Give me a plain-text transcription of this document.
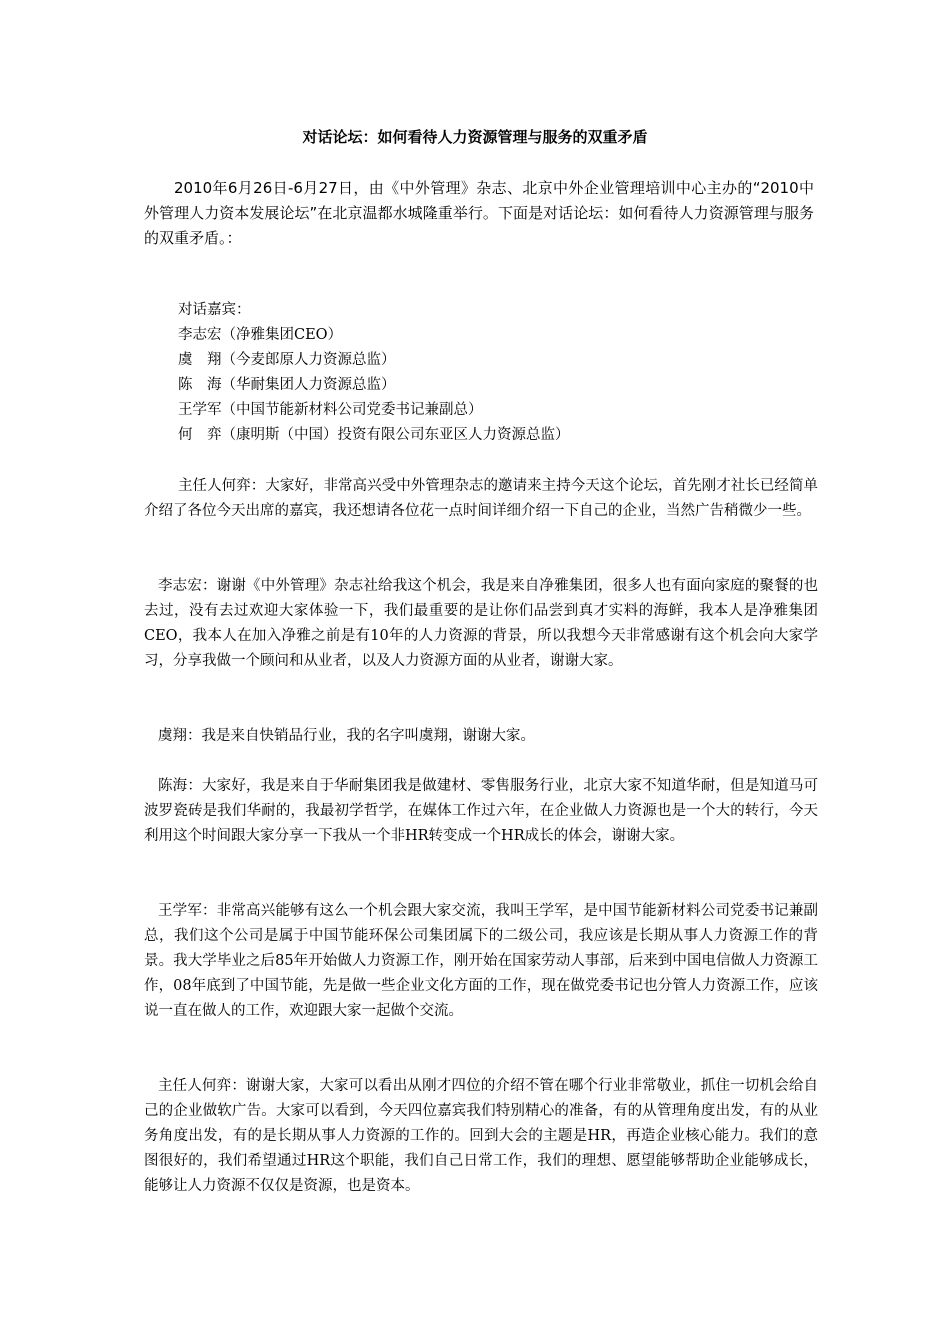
对话论坛：如何看待人力资源管理与服务的双重矛盾
2010年6月26日-6月27日，由《中外管理》杂志、北京中外企业管理培训中心主办的“2010中外管理人力资本发展论坛”在北京温都水城隆重举行。下面是对话论坛：如何看待人力资源管理与服务的双重矛盾。：
对话嘉宾：
李志宏（净雅集团CEO）
虞　翔（今麦郎原人力资源总监）
陈　海（华耐集团人力资源总监）
王学军（中国节能新材料公司党委书记兼副总）
何　弈（康明斯（中国）投资有限公司东亚区人力资源总监）

主任人何弈：大家好，非常高兴受中外管理杂志的邀请来主持今天这个论坛，首先刚才社长已经简单介绍了各位今天出席的嘉宾，我还想请各位花一点时间详细介绍一下自己的企业，当然广告稍微少一些。

李志宏：谢谢《中外管理》杂志社给我这个机会，我是来自净雅集团，很多人也有面向家庭的聚餐的也去过，没有去过欢迎大家体验一下，我们最重要的是让你们品尝到真才实料的海鲜，我本人是净雅集团CEO，我本人在加入净雅之前是有10年的人力资源的背景，所以我想今天非常感谢有这个机会向大家学习，分享我做一个顾问和从业者，以及人力资源方面的从业者，谢谢大家。

虞翔：我是来自快销品行业，我的名字叫虞翔，谢谢大家。

陈海：大家好，我是来自于华耐集团我是做建材、零售服务行业，北京大家不知道华耐，但是知道马可波罗瓷砖是我们华耐的，我最初学哲学，在媒体工作过六年，在企业做人力资源也是一个大的转行，今天利用这个时间跟大家分享一下我从一个非HR转变成一个HR成长的体会，谢谢大家。

王学军：非常高兴能够有这么一个机会跟大家交流，我叫王学军，是中国节能新材料公司党委书记兼副总，我们这个公司是属于中国节能环保公司集团属下的二级公司，我应该是长期从事人力资源工作的背景。我大学毕业之后85年开始做人力资源工作，刚开始在国家劳动人事部，后来到中国电信做人力资源工作，08年底到了中国节能，先是做一些企业文化方面的工作，现在做党委书记也分管人力资源工作，应该说一直在做人的工作，欢迎跟大家一起做个交流。

主任人何弈：谢谢大家，大家可以看出从刚才四位的介绍不管在哪个行业非常敬业，抓住一切机会给自己的企业做软广告。大家可以看到，今天四位嘉宾我们特别精心的准备，有的从管理角度出发，有的从业务角度出发，有的是长期从事人力资源的工作的。回到大会的主题是HR，再造企业核心能力。我们的意图很好的，我们希望通过HR这个职能，我们自己日常工作，我们的理想、愿望能够帮助企业能够成长，能够让人力资源不仅仅是资源，也是资本。
